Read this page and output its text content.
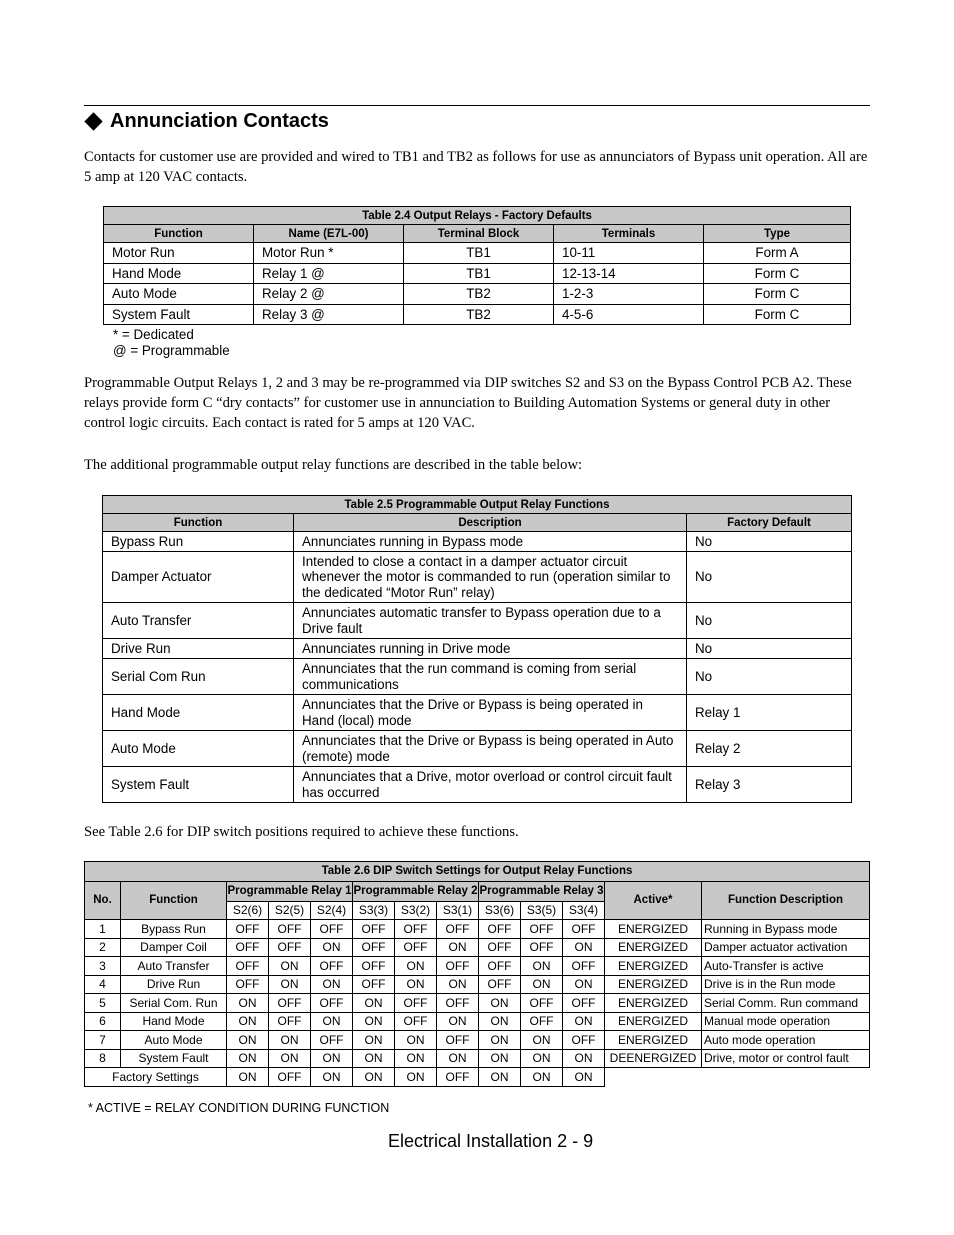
Annunciation Contacts

Contacts for customer use are provided and wired to TB1 and TB2 as follows for use as annunciators of Bypass unit operation. All are 5 amp at 120 VAC contacts.

Table 2.4 Output Relays - Factory Defaults				
Function	Name (E7L-00)	Terminal Block	Terminals	Type
Motor Run	Motor Run *	TB1	10-11	Form A
Hand Mode	Relay 1 @	TB1	12-13-14	Form C
Auto Mode	Relay 2 @	TB2	1-2-3	Form C
System Fault	Relay 3 @	TB2	4-5-6	Form C
* = Dedicated
@ = Programmable

Programmable Output Relays 1, 2 and 3 may be re-programmed via DIP switches S2 and S3 on the Bypass Control PCB A2. These relays provide form C “dry contacts” for customer use in annunciation to Building Automation Systems or general duty in other control logic circuits. Each contact is rated for 5 amps at 120 VAC.

The additional programmable output relay functions are described in the table below:

Table 2.5 Programmable Output Relay Functions		
Function	Description	Factory Default
Bypass Run	Annunciates running in Bypass mode	No
Damper Actuator	Intended to close a contact in a damper actuator circuit whenever the motor is commanded to run (operation similar to the dedicated “Motor Run” relay)	No
Auto Transfer	Annunciates automatic transfer to Bypass operation due to a Drive fault	No
Drive Run	Annunciates running in Drive mode	No
Serial Com Run	Annunciates that the run command is coming from serial communications	No
Hand Mode	Annunciates that the Drive or Bypass is being operated in Hand (local) mode	Relay 1
Auto Mode	Annunciates that the Drive or Bypass is being operated in Auto (remote) mode	Relay 2
System Fault	Annunciates that a Drive, motor overload or control circuit fault has occurred	Relay 3

See Table 2.6 for DIP switch positions required to achieve these functions.

Table 2.6 DIP Switch Settings for Output Relay Functions												
No.	Function	Programmable Relay 1			Programmable Relay 2			Programmable Relay 3			Active*	Function Description
		S2(6)	S2(5)	S2(4)	S3(3)	S3(2)	S3(1)	S3(6)	S3(5)	S3(4)		
1	Bypass Run	OFF	OFF	OFF	OFF	OFF	OFF	OFF	OFF	OFF	ENERGIZED	Running in Bypass mode
2	Damper Coil	OFF	OFF	ON	OFF	OFF	ON	OFF	OFF	ON	ENERGIZED	Damper actuator activation
3	Auto Transfer	OFF	ON	OFF	OFF	ON	OFF	OFF	ON	OFF	ENERGIZED	Auto-Transfer is active
4	Drive Run	OFF	ON	ON	OFF	ON	ON	OFF	ON	ON	ENERGIZED	Drive is in the Run mode
5	Serial Com. Run	ON	OFF	OFF	ON	OFF	OFF	ON	OFF	OFF	ENERGIZED	Serial Comm. Run command
6	Hand Mode	ON	OFF	ON	ON	OFF	ON	ON	OFF	ON	ENERGIZED	Manual mode operation
7	Auto Mode	ON	ON	OFF	ON	ON	OFF	ON	ON	OFF	ENERGIZED	Auto mode operation
8	System Fault	ON	ON	ON	ON	ON	ON	ON	ON	ON	DEENERGIZED	Drive, motor or control fault
Factory Settings		ON	OFF	ON	ON	ON	OFF	ON	ON	ON		
* ACTIVE = RELAY CONDITION DURING FUNCTION
Electrical Installation 2 - 9
